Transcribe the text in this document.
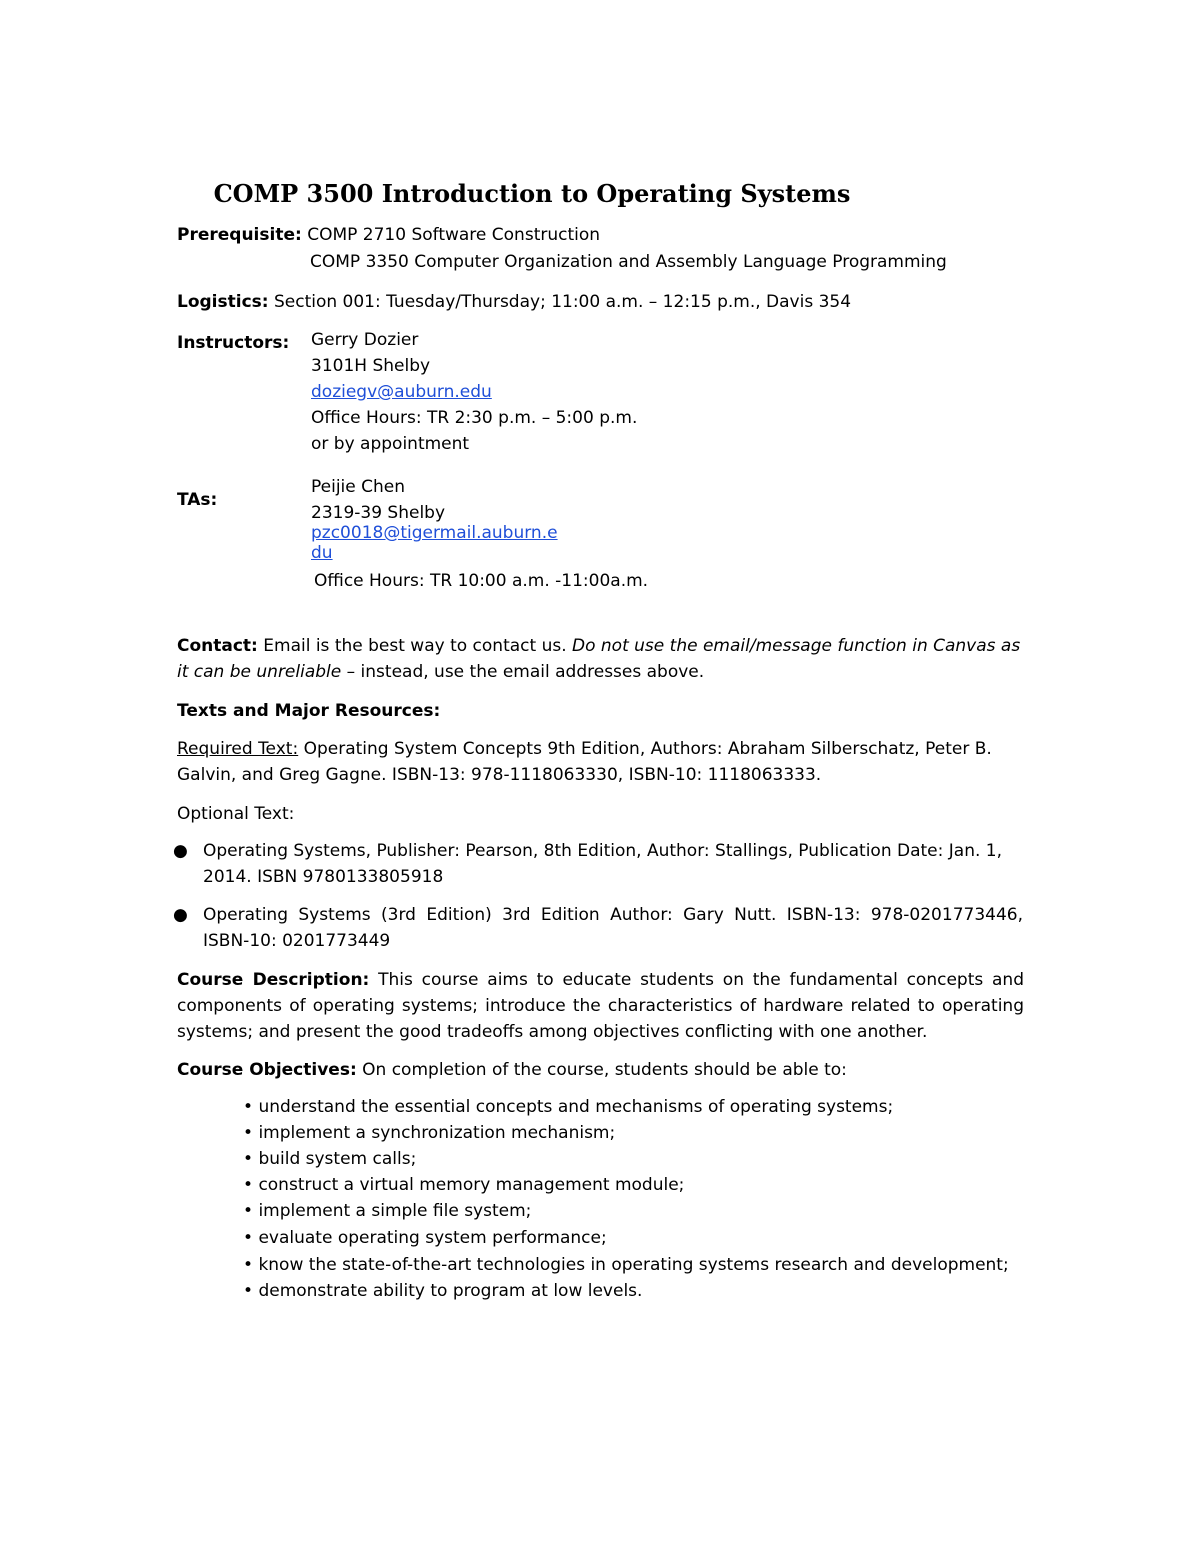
COMP 3500 Introduction to Operating Systems
Prerequisite: COMP 2710 Software Construction
COMP 3350 Computer Organization and Assembly Language Programming
Logistics: Section 001: Tuesday/Thursday; 11:00 a.m. – 12:15 p.m., Davis 354
Instructors: Gerry Dozier
3101H Shelby
doziegv@auburn.edu
Office Hours: TR 2:30 p.m. – 5:00 p.m.
or by appointment
TAs:
Peijie Chen
2319-39 Shelby
pzc0018@tigermail.auburn.e
du
Office Hours: TR 10:00 a.m. -11:00a.m.
Contact: Email is the best way to contact us. Do not use the email/message function in Canvas as it can be unreliable – instead, use the email addresses above.
Texts and Major Resources:
Required Text: Operating System Concepts 9th Edition, Authors: Abraham Silberschatz, Peter B. Galvin, and Greg Gagne. ISBN-13: 978-1118063330, ISBN-10: 1118063333.
Optional Text:
● Operating Systems, Publisher: Pearson, 8th Edition, Author: Stallings, Publication Date: Jan. 1, 2014. ISBN 9780133805918
● Operating Systems (3rd Edition) 3rd Edition Author: Gary Nutt. ISBN-13: 978-0201773446, ISBN-10: 0201773449
Course Description: This course aims to educate students on the fundamental concepts and components of operating systems; introduce the characteristics of hardware related to operating systems; and present the good tradeoffs among objectives conflicting with one another.
Course Objectives: On completion of the course, students should be able to:
• understand the essential concepts and mechanisms of operating systems;
• implement a synchronization mechanism;
• build system calls;
• construct a virtual memory management module;
• implement a simple file system;
• evaluate operating system performance;
• know the state-of-the-art technologies in operating systems research and development;
• demonstrate ability to program at low levels.
